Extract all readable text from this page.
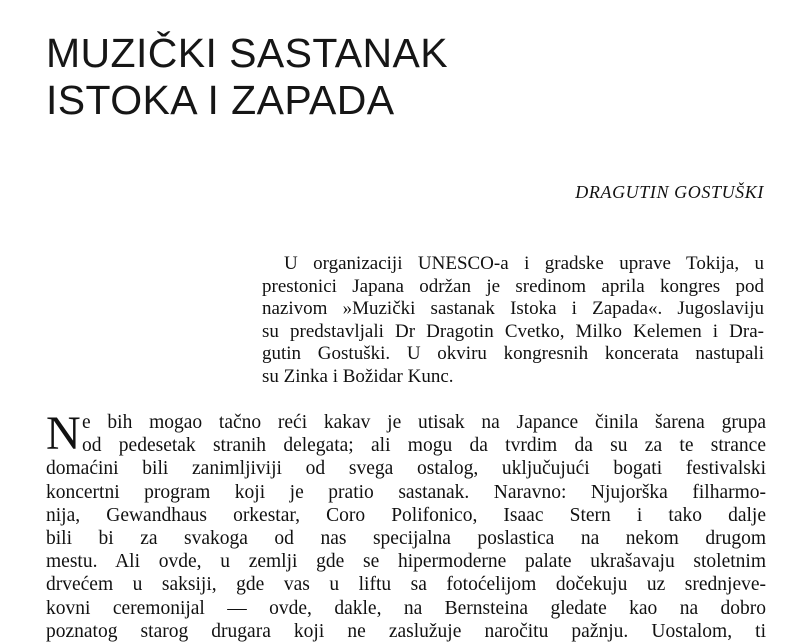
MUZIČKI SASTANAK
ISTOKA I ZAPADA
DRAGUTIN GOSTUŠKI
U organizaciji UNESCO-a i gradske uprave Tokija, u
prestonici Japana održan je sredinom aprila kongres pod
nazivom »Muzički sastanak Istoka i Zapada«. Jugoslaviju
su predstavljali Dr Dragotin Cvetko, Milko Kelemen i Dra-
gutin Gostuški. U okviru kongresnih koncerata nastupali
su Zinka i Božidar Kunc.
N e bih mogao tačno reći kakav je utisak na Japance činila šarena grupa
od pedesetak stranih delegata; ali mogu da tvrdim da su za te strance
domaćini bili zanimljiviji od svega ostalog, uključujući bogati festivalski
koncertni program koji je pratio sastanak. Naravno: Njujorška filharmo-
nija, Gewandhaus orkestar, Coro Polifonico, Isaac Stern i tako dalje
bili bi za svakoga od nas specijalna poslastica na nekom drugom
mestu. Ali ovde, u zemlji gde se hipermoderne palate ukrašavaju stoletnim
drvećem u saksiji, gde vas u liftu sa fotoćelijom dočekuju uz srednjeve-
kovni ceremonijal — ovde, dakle, na Bernsteina gledate kao na dobro
poznatog starog drugara koji ne zaslužuje naročitu pažnju. Uostalom, ti
